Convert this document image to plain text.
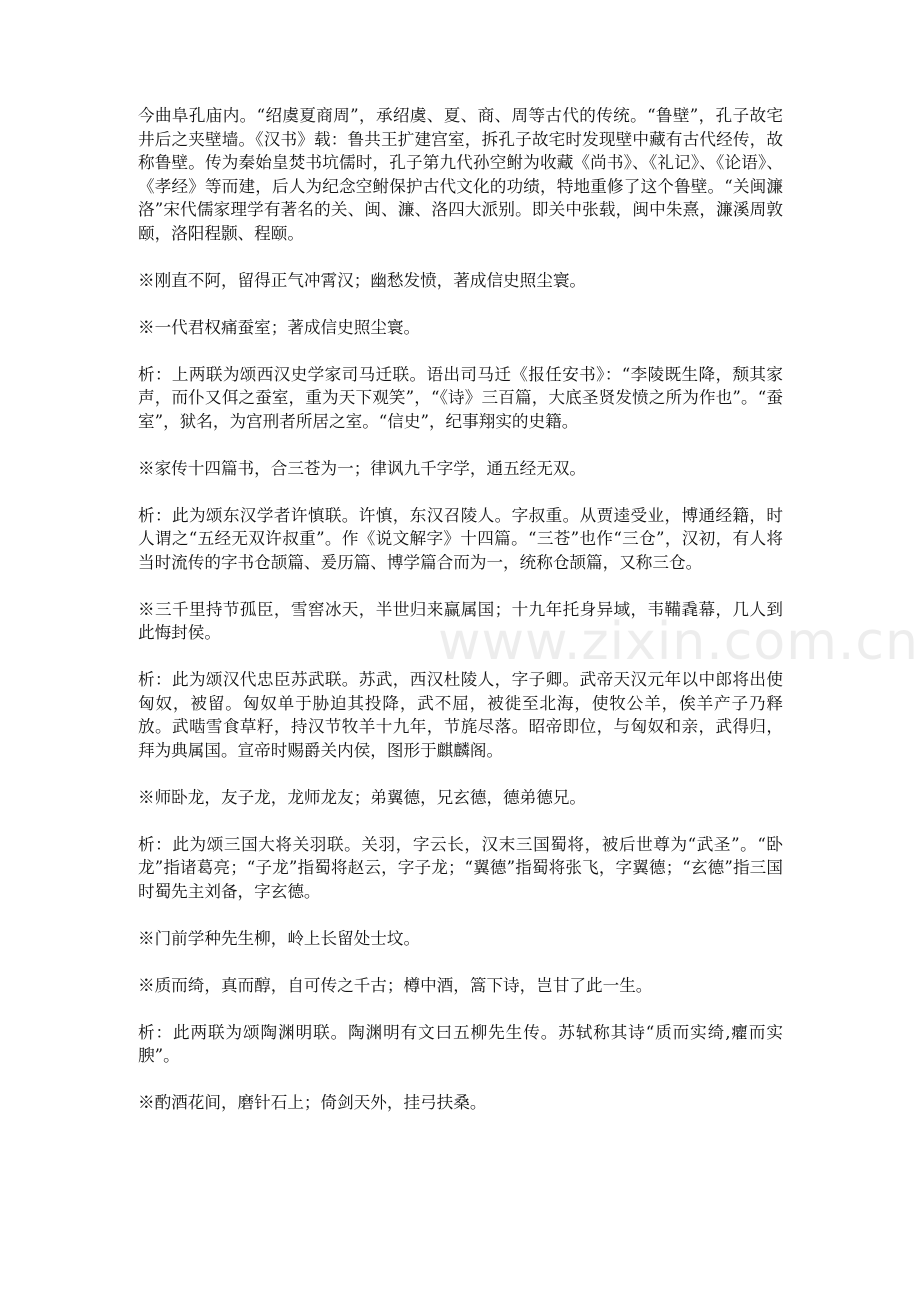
www.zixin.com.cn

今曲阜孔庙内。“绍虞夏商周”，承绍虞、夏、商、周等古代的传统。“鲁壁”，孔子故宅井后之夹壁墙。《汉书》载：鲁共王扩建宫室，拆孔子故宅时发现壁中藏有古代经传，故称鲁壁。传为秦始皇焚书坑儒时，孔子第九代孙空鲋为收藏《尚书》、《礼记》、《论语》、《孝经》等而建，后人为纪念空鲋保护古代文化的功绩，特地重修了这个鲁壁。“关闽濂洛”宋代儒家理学有著名的关、闽、濂、洛四大派别。即关中张载，闽中朱熹，濂溪周敦颐，洛阳程颢、程颐。

※刚直不阿，留得正气冲霄汉；幽愁发愤，著成信史照尘寰。

※一代君权痛蚕室；著成信史照尘寰。

析：上两联为颂西汉史学家司马迁联。语出司马迁《报任安书》：“李陵既生降，颓其家声，而仆又佴之蚕室，重为天下观笑”，“《诗》三百篇，大底圣贤发愤之所为作也”。“蚕室”，狱名，为宫刑者所居之室。“信史”，纪事翔实的史籍。

※家传十四篇书，合三苍为一；律讽九千字学，通五经无双。

析：此为颂东汉学者许慎联。许慎，东汉召陵人。字叔重。从贾逵受业，博通经籍，时人谓之“五经无双许叔重”。作《说文解字》十四篇。“三苍”也作“三仓”，汉初，有人将当时流传的字书仓颉篇、爰历篇、博学篇合而为一，统称仓颉篇，又称三仓。

※三千里持节孤臣，雪窖冰天，半世归来赢属国；十九年托身异域，韦鞴毳幕，几人到此悔封侯。

析：此为颂汉代忠臣苏武联。苏武，西汉杜陵人，字子卿。武帝天汉元年以中郎将出使匈奴，被留。匈奴单于胁迫其投降，武不屈，被徙至北海，使牧公羊，俟羊产子乃释放。武啮雪食草籽，持汉节牧羊十九年，节旄尽落。昭帝即位，与匈奴和亲，武得归，拜为典属国。宣帝时赐爵关内侯，图形于麒麟阁。

※师卧龙，友子龙，龙师龙友；弟翼德，兄玄德，德弟德兄。

析：此为颂三国大将关羽联。关羽，字云长，汉末三国蜀将，被后世尊为“武圣”。“卧龙”指诸葛亮；“子龙”指蜀将赵云，字子龙；“翼德”指蜀将张飞，字翼德；“玄德”指三国时蜀先主刘备，字玄德。

※门前学种先生柳，岭上长留处士坟。

※质而绮，真而醇，自可传之千古；樽中酒，篙下诗，岂甘了此一生。

析：此两联为颂陶渊明联。陶渊明有文曰五柳先生传。苏轼称其诗“质而实绮,癯而实腴”。

※酌酒花间，磨针石上；倚剑天外，挂弓扶桑。
